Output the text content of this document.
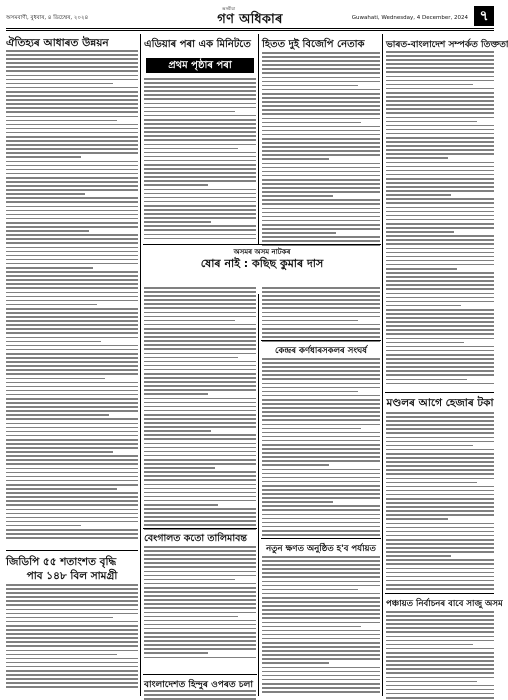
অসমবাণী, বুধবাৰ, ৪ ডিচেম্বৰ, ২০২৪
অসমীয়া
গণ অধিকাৰ	Guwahati, Wednesday, 4 December, 2024 ৭
ঐতিহ্যৰ আধাৰত উন্নয়ন
জিডিপি ৫৫ শতাংশত বৃদ্ধি
পাব ১৪৮ বিল সামগ্ৰী
এডিয়াৰ পৰা এক মিনিটতে
প্ৰথম পৃষ্ঠাৰ পৰা
হিতত দুই বিজেপি নেতাক
অসমৰ অসম নাটকৰ
ষোৰ নাই : কছিছ কুমাৰ দাস
কেন্দ্ৰৰ কৰ্ণধাৰসকলৰ সংঘৰ্ষ
বেংগালত কতো তালিমাবন্ত
বাংলাদেশত হিন্দুৰ ওপৰত চলা
নতুন ক্ষণত অনুষ্ঠিত হ'ব পৰ্যায়ত
ভাৰত-বাংলাদেশ সম্পৰ্কত তিক্ততা
মণ্ডলৰ আগে হেজাৰ টকা
পঞ্চায়ত নিৰ্বাচনৰ বাবে সাজু অসম
